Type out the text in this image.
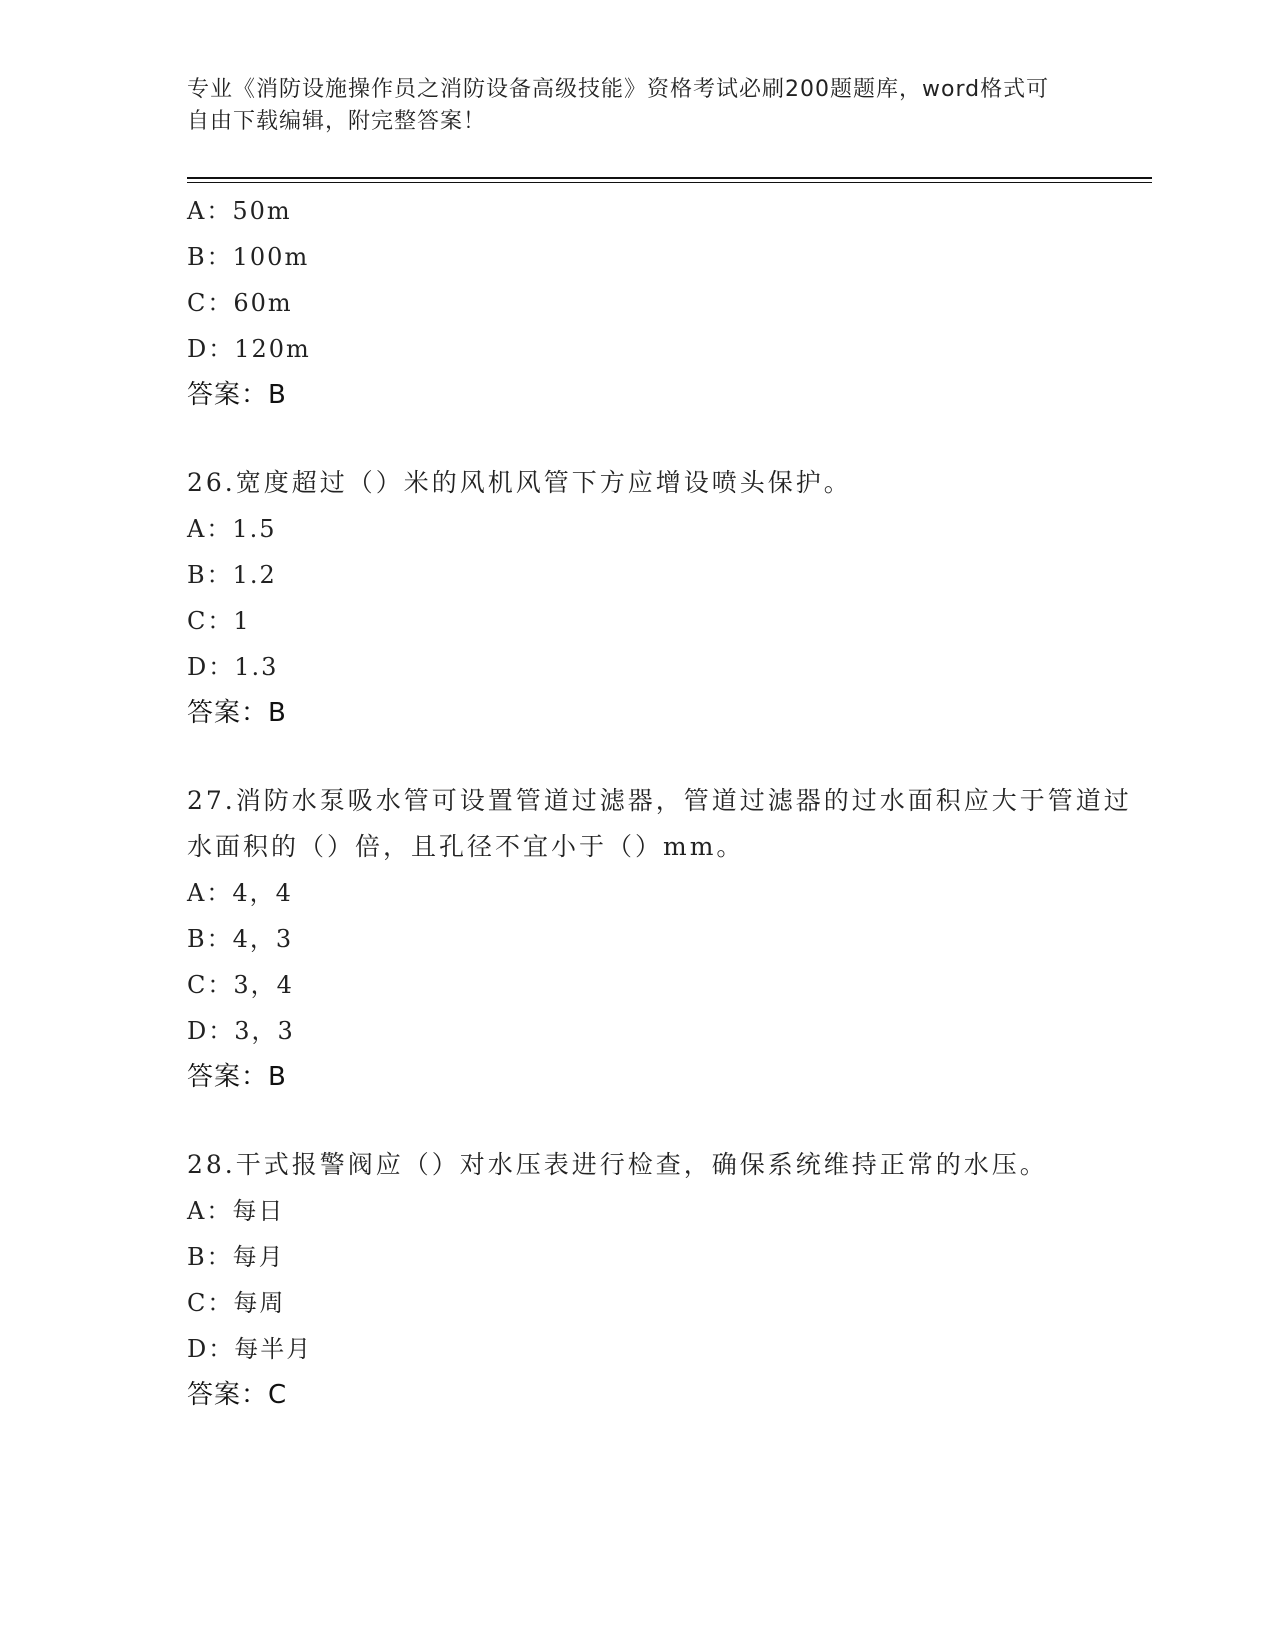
专业《消防设施操作员之消防设备高级技能》资格考试必刷200题题库，word格式可自由下载编辑，附完整答案！
A：50m
B：100m
C：60m
D：120m
答案：B
26.宽度超过（）米的风机风管下方应增设喷头保护。
A：1.5
B：1.2
C：1
D：1.3
答案：B
27.消防水泵吸水管可设置管道过滤器，管道过滤器的过水面积应大于管道过水面积的（）倍，且孔径不宜小于（）mm。
A：4，4
B：4，3
C：3，4
D：3，3
答案：B
28.干式报警阀应（）对水压表进行检查，确保系统维持正常的水压。
A：每日
B：每月
C：每周
D：每半月
答案：C
